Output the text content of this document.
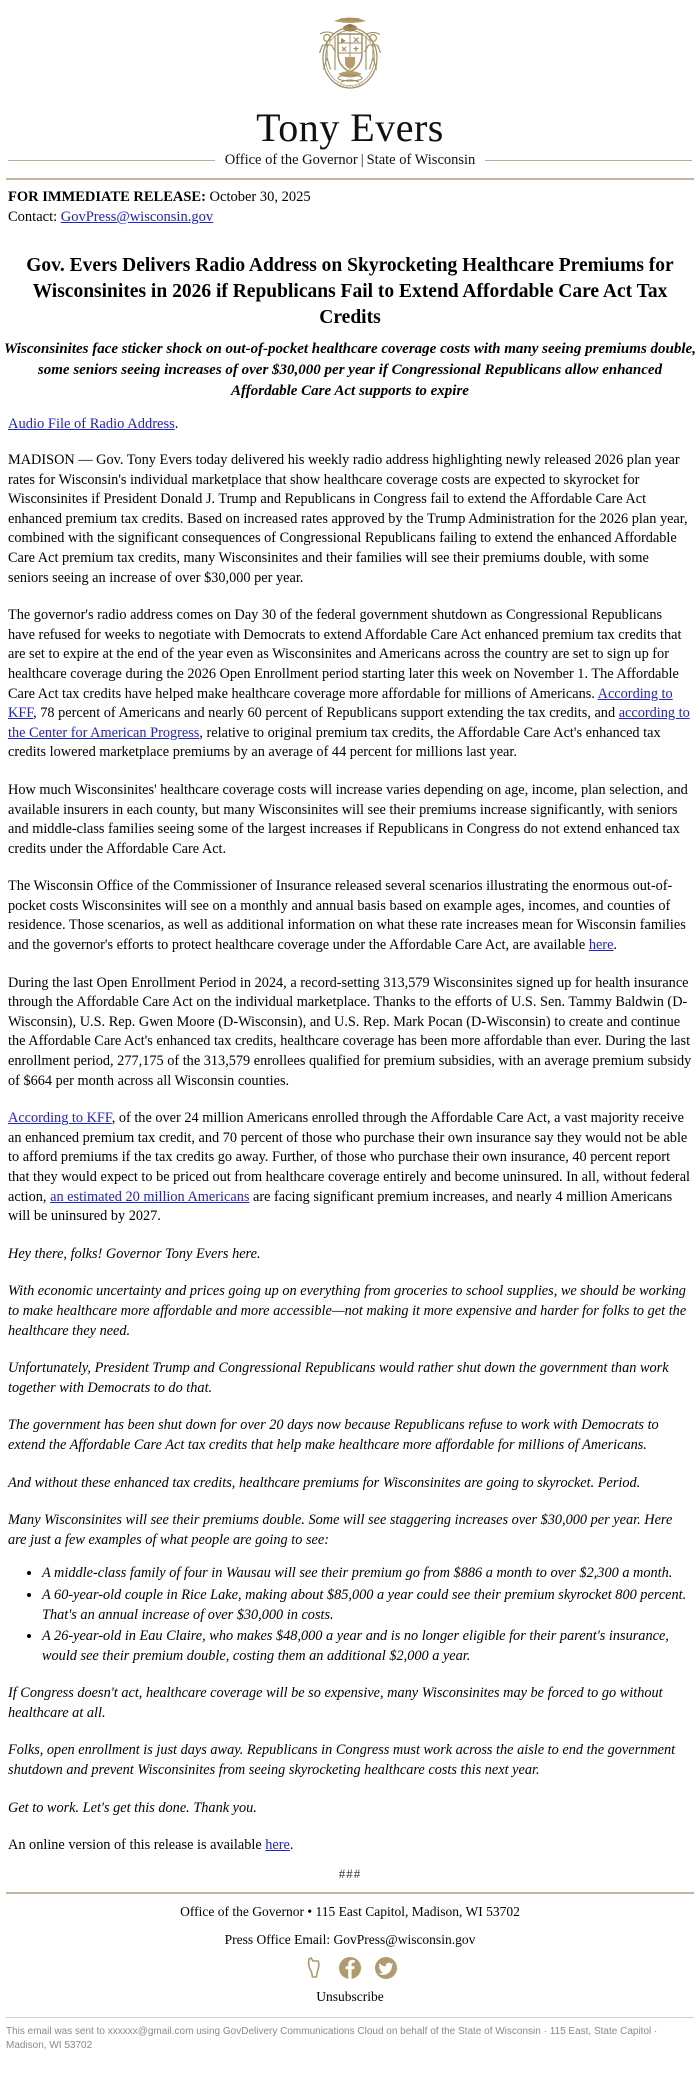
FORWARD
Tony Evers
Office of the Governor | State of Wisconsin
FOR IMMEDIATE RELEASE: October 30, 2025
Contact: GovPress@wisconsin.gov
Gov. Evers Delivers Radio Address on Skyrocketing Healthcare Premiums for Wisconsinites in 2026 if Republicans Fail to Extend Affordable Care Act Tax Credits
Wisconsinites face sticker shock on out-of-pocket healthcare coverage costs with many seeing premiums double, some seniors seeing increases of over $30,000 per year if Congressional Republicans allow enhanced Affordable Care Act supports to expire
Audio File of Radio Address.

MADISON — Gov. Tony Evers today delivered his weekly radio address highlighting newly released 2026 plan year rates for Wisconsin's individual marketplace that show healthcare coverage costs are expected to skyrocket for Wisconsinites if President Donald J. Trump and Republicans in Congress fail to extend the Affordable Care Act enhanced premium tax credits. Based on increased rates approved by the Trump Administration for the 2026 plan year, combined with the significant consequences of Congressional Republicans failing to extend the enhanced Affordable Care Act premium tax credits, many Wisconsinites and their families will see their premiums double, with some seniors seeing an increase of over $30,000 per year.

The governor's radio address comes on Day 30 of the federal government shutdown as Congressional Republicans have refused for weeks to negotiate with Democrats to extend Affordable Care Act enhanced premium tax credits that are set to expire at the end of the year even as Wisconsinites and Americans across the country are set to sign up for healthcare coverage during the 2026 Open Enrollment period starting later this week on November 1. The Affordable Care Act tax credits have helped make healthcare coverage more affordable for millions of Americans. According to KFF, 78 percent of Americans and nearly 60 percent of Republicans support extending the tax credits, and according to the Center for American Progress, relative to original premium tax credits, the Affordable Care Act's enhanced tax credits lowered marketplace premiums by an average of 44 percent for millions last year.

How much Wisconsinites' healthcare coverage costs will increase varies depending on age, income, plan selection, and available insurers in each county, but many Wisconsinites will see their premiums increase significantly, with seniors and middle-class families seeing some of the largest increases if Republicans in Congress do not extend enhanced tax credits under the Affordable Care Act.

The Wisconsin Office of the Commissioner of Insurance released several scenarios illustrating the enormous out-of-pocket costs Wisconsinites will see on a monthly and annual basis based on example ages, incomes, and counties of residence. Those scenarios, as well as additional information on what these rate increases mean for Wisconsin families and the governor's efforts to protect healthcare coverage under the Affordable Care Act, are available here.

During the last Open Enrollment Period in 2024, a record-setting 313,579 Wisconsinites signed up for health insurance through the Affordable Care Act on the individual marketplace. Thanks to the efforts of U.S. Sen. Tammy Baldwin (D-Wisconsin), U.S. Rep. Gwen Moore (D-Wisconsin), and U.S. Rep. Mark Pocan (D-Wisconsin) to create and continue the Affordable Care Act's enhanced tax credits, healthcare coverage has been more affordable than ever. During the last enrollment period, 277,175 of the 313,579 enrollees qualified for premium subsidies, with an average premium subsidy of $664 per month across all Wisconsin counties.

According to KFF, of the over 24 million Americans enrolled through the Affordable Care Act, a vast majority receive an enhanced premium tax credit, and 70 percent of those who purchase their own insurance say they would not be able to afford premiums if the tax credits go away. Further, of those who purchase their own insurance, 40 percent report that they would expect to be priced out from healthcare coverage entirely and become uninsured. In all, without federal action, an estimated 20 million Americans are facing significant premium increases, and nearly 4 million Americans will be uninsured by 2027.

Hey there, folks! Governor Tony Evers here.

With economic uncertainty and prices going up on everything from groceries to school supplies, we should be working to make healthcare more affordable and more accessible—not making it more expensive and harder for folks to get the healthcare they need.

Unfortunately, President Trump and Congressional Republicans would rather shut down the government than work together with Democrats to do that.

The government has been shut down for over 20 days now because Republicans refuse to work with Democrats to extend the Affordable Care Act tax credits that help make healthcare more affordable for millions of Americans.

And without these enhanced tax credits, healthcare premiums for Wisconsinites are going to skyrocket. Period.

Many Wisconsinites will see their premiums double. Some will see staggering increases over $30,000 per year. Here are just a few examples of what people are going to see:

• A middle-class family of four in Wausau will see their premium go from $886 a month to over $2,300 a month.
• A 60-year-old couple in Rice Lake, making about $85,000 a year could see their premium skyrocket 800 percent. That's an annual increase of over $30,000 in costs.
• A 26-year-old in Eau Claire, who makes $48,000 a year and is no longer eligible for their parent's insurance, would see their premium double, costing them an additional $2,000 a year.

If Congress doesn't act, healthcare coverage will be so expensive, many Wisconsinites may be forced to go without healthcare at all.

Folks, open enrollment is just days away. Republicans in Congress must work across the aisle to end the government shutdown and prevent Wisconsinites from seeing skyrocketing healthcare costs this next year.

Get to work. Let's get this done. Thank you.

An online version of this release is available here.

###
Office of the Governor • 115 East Capitol, Madison, WI 53702
Press Office Email: GovPress@wisconsin.gov

Unsubscribe
This email was sent to xxxxxx@gmail.com using GovDelivery Communications Cloud on behalf of the State of Wisconsin · 115 East, State Capitol · Madison, WI 53702
